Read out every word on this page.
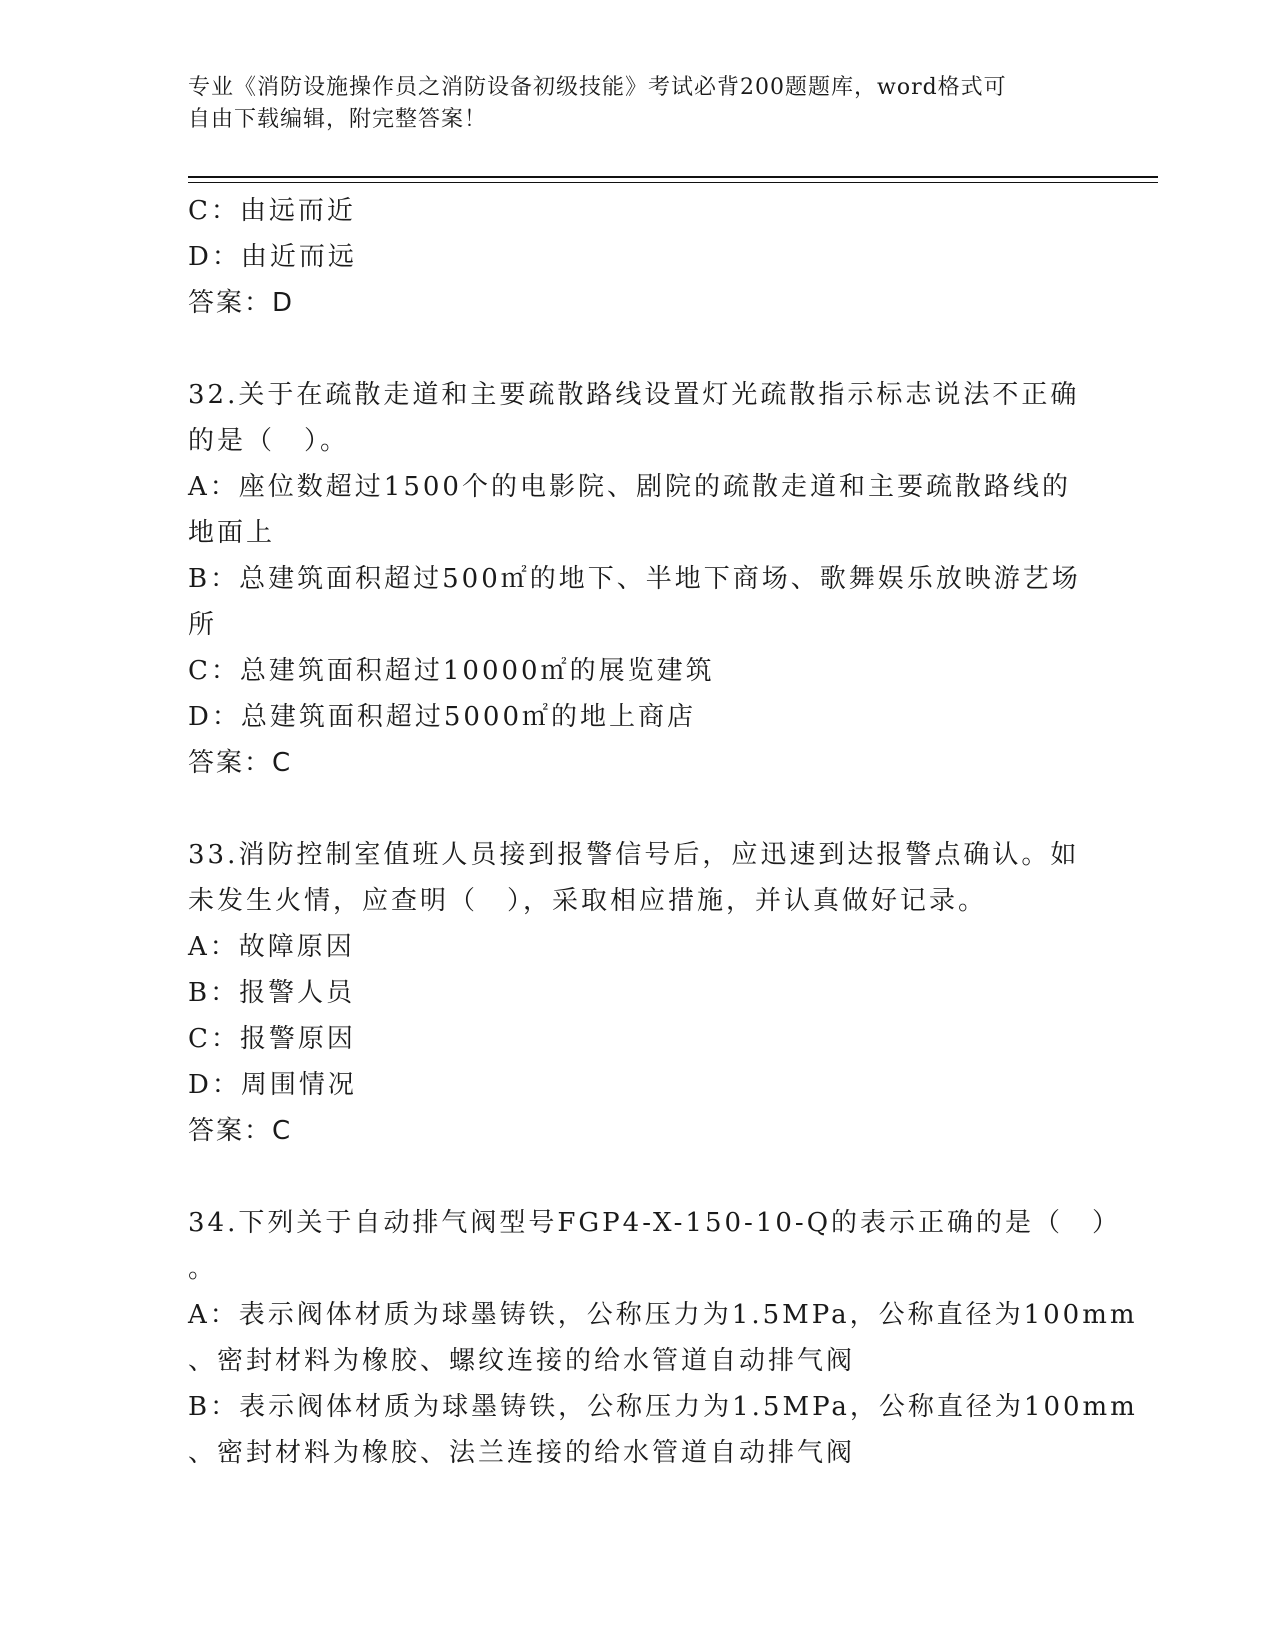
专业《消防设施操作员之消防设备初级技能》考试必背200题题库，word格式可
自由下载编辑，附完整答案！
C：由远而近
D：由近而远
答案：D
32.关于在疏散走道和主要疏散路线设置灯光疏散指示标志说法不正确
的是（　）。
A：座位数超过1500个的电影院、剧院的疏散走道和主要疏散路线的
地面上
B：总建筑面积超过500㎡的地下、半地下商场、歌舞娱乐放映游艺场
所
C：总建筑面积超过10000㎡的展览建筑
D：总建筑面积超过5000㎡的地上商店
答案：C
33.消防控制室值班人员接到报警信号后，应迅速到达报警点确认。如
未发生火情，应查明（　），采取相应措施，并认真做好记录。
A：故障原因
B：报警人员
C：报警原因
D：周围情况
答案：C
34.下列关于自动排气阀型号FGP4-X-150-10-Q的表示正确的是（　）
。
A：表示阀体材质为球墨铸铁，公称压力为1.5MPa，公称直径为100mm
、密封材料为橡胶、螺纹连接的给水管道自动排气阀
B：表示阀体材质为球墨铸铁，公称压力为1.5MPa，公称直径为100mm
、密封材料为橡胶、法兰连接的给水管道自动排气阀
